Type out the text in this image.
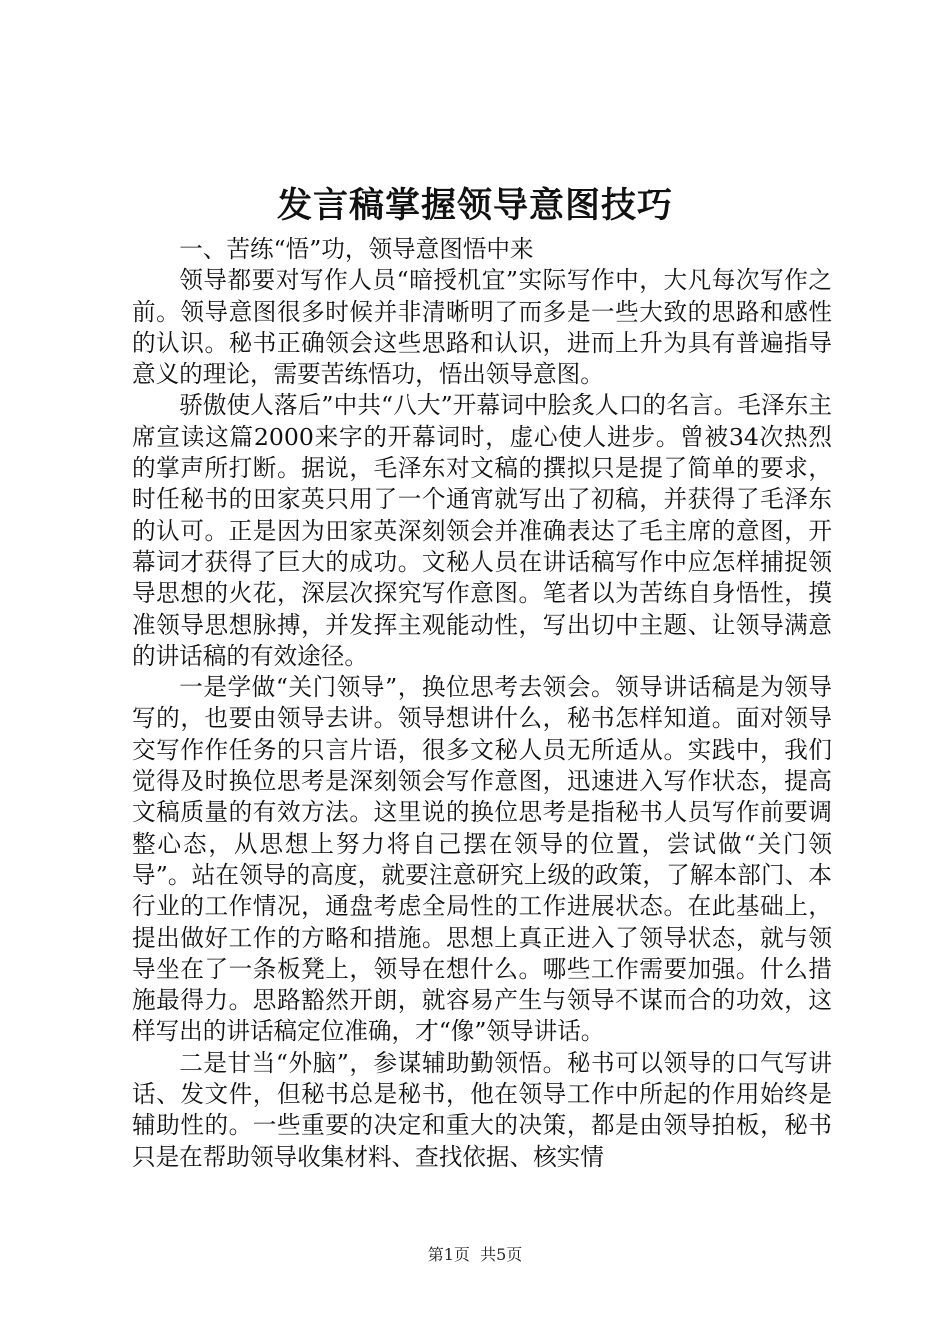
发言稿掌握领导意图技巧

一、苦练“悟”功，领导意图悟中来

领导都要对写作人员“暗授机宜”实际写作中，大凡每次写作之前。领导意图很多时候并非清晰明了而多是一些大致的思路和感性的认识。秘书正确领会这些思路和认识，进而上升为具有普遍指导意义的理论，需要苦练悟功，悟出领导意图。

骄傲使人落后”中共“八大”开幕词中脍炙人口的名言。毛泽东主席宣读这篇2000来字的开幕词时，虚心使人进步。曾被34次热烈的掌声所打断。据说，毛泽东对文稿的撰拟只是提了简单的要求，时任秘书的田家英只用了一个通宵就写出了初稿，并获得了毛泽东的认可。正是因为田家英深刻领会并准确表达了毛主席的意图，开幕词才获得了巨大的成功。文秘人员在讲话稿写作中应怎样捕捉领导思想的火花，深层次探究写作意图。笔者以为苦练自身悟性，摸准领导思想脉搏，并发挥主观能动性，写出切中主题、让领导满意的讲话稿的有效途径。

一是学做“关门领导”，换位思考去领会。领导讲话稿是为领导写的，也要由领导去讲。领导想讲什么，秘书怎样知道。面对领导交写作作任务的只言片语，很多文秘人员无所适从。实践中，我们觉得及时换位思考是深刻领会写作意图，迅速进入写作状态，提高文稿质量的有效方法。这里说的换位思考是指秘书人员写作前要调整心态，从思想上努力将自己摆在领导的位置，尝试做“关门领导”。站在领导的高度，就要注意研究上级的政策，了解本部门、本行业的工作情况，通盘考虑全局性的工作进展状态。在此基础上，提出做好工作的方略和措施。思想上真正进入了领导状态，就与领导坐在了一条板凳上，领导在想什么。哪些工作需要加强。什么措施最得力。思路豁然开朗，就容易产生与领导不谋而合的功效，这样写出的讲话稿定位准确，才“像”领导讲话。

二是甘当“外脑”，参谋辅助勤领悟。秘书可以领导的口气写讲话、发文件，但秘书总是秘书，他在领导工作中所起的作用始终是辅助性的。一些重要的决定和重大的决策，都是由领导拍板，秘书只是在帮助领导收集材料、查找依据、核实情

第1页 共5页
